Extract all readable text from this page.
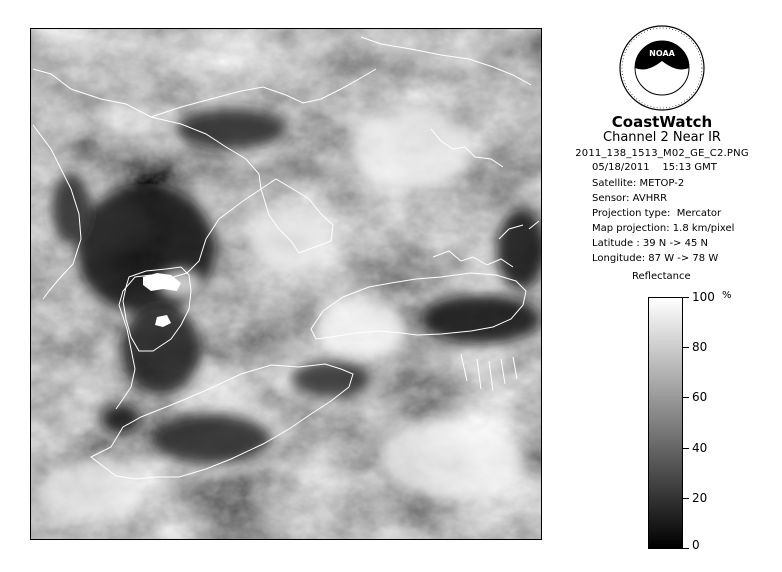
NOAA
CoastWatch
Channel 2 Near IR
2011_138_1513_M02_GE_C2.PNG
05/18/2011 15:13 GMT
Satellite: METOP-2
Sensor: AVHRR
Projection type:  Mercator
Map projection: 1.8 km/pixel
Latitude : 39 N -> 45 N
Longitude: 87 W -> 78 W
Reflectance
%
100
80
60
40
20
0
